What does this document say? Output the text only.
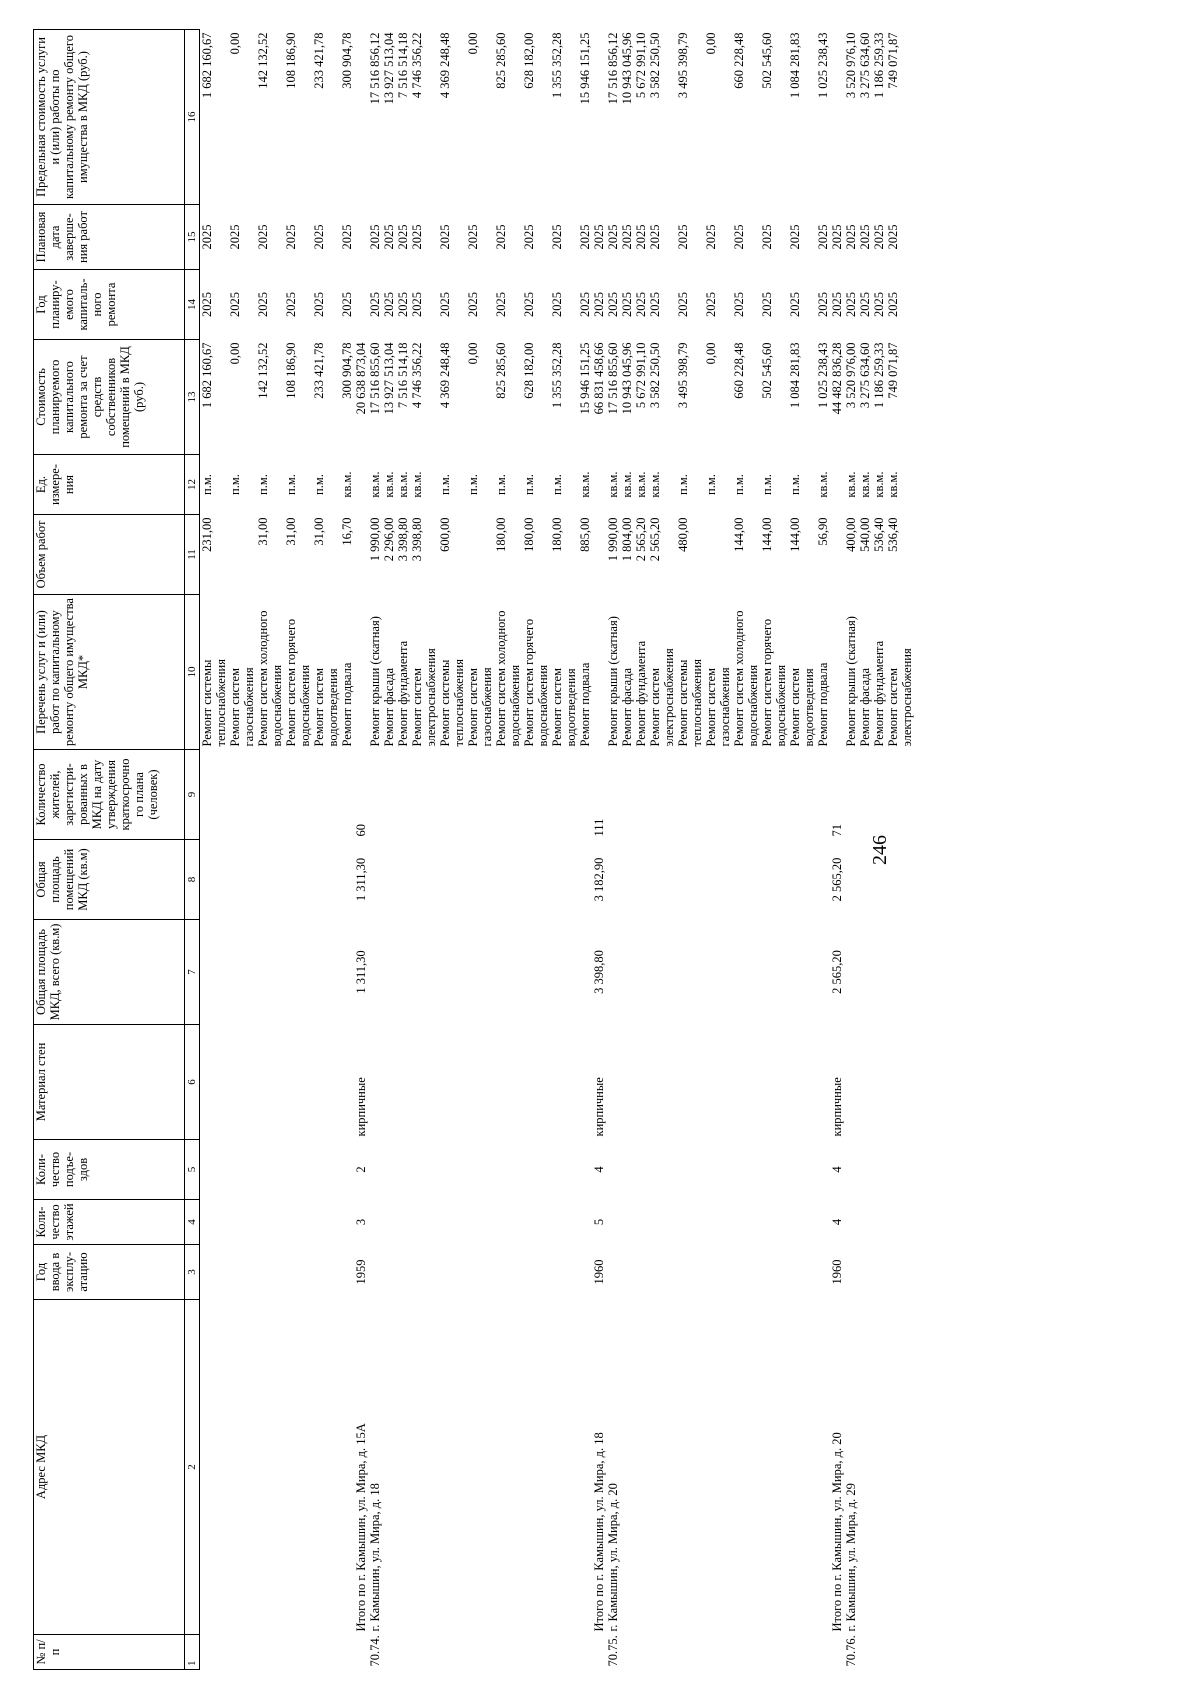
246
№ п/п	Адрес МКД	Год ввода в эксплу-атацию	Коли-чество этажей	Коли-чество подъе-здов	Материал стен	Общая площадь МКД, всего (кв.м)	Общая площадь помещений МКД (кв.м)	Количество жителей, зарегистри-рованных в МКД на дату утверждения краткосрочно го плана (человек)	Перечень услуг и (или) работ по капитальному ремонту общего имущества МКД*	Объем работ	Ед. измере-ния	Стоимость планируемого капитального ремонта за счет средств собственников помещений в МКД (руб.)	Год планиру-емого капиталь-ного ремонта	Плановая дата заверше-ния работ	Предельная стоимость услуги и (или) работы по капитальному ремонту общего имущества в МКД (руб.)
1	2	3	4	5	6	7	8	9	10	11	12	13	14	15	16
									Ремонт системы теплоснабжения	231,00	п.м.	1 682 160,67	2025	2025	1 682 160,67
									Ремонт систем газоснабжения		п.м.	0,00	2025	2025	0,00
									Ремонт систем холодного водоснабжения	31,00	п.м.	142 132,52	2025	2025	142 132,52
									Ремонт систем горячего водоснабжения	31,00	п.м.	108 186,90	2025	2025	108 186,90
									Ремонт систем водоотведения	31,00	п.м.	233 421,78	2025	2025	233 421,78
									Ремонт подвала	16,70	кв.м.	300 904,78	2025	2025	300 904,78
	Итого по г. Камышин, ул. Мира, д. 15А	1959	3	2	кирпичные	1 311,30	1 311,30	60				20 638 873,04			
70.74.	г. Камышин, ул. Мира, д. 18								Ремонт крыши (скатная)	1 990,00	кв.м.	17 516 855,60	2025	2025	17 516 856,12
									Ремонт фасада	2 296,00	кв.м.	13 927 513,04	2025	2025	13 927 513,04
									Ремонт фундамента	3 398,80	кв.м.	7 516 514,18	2025	2025	7 516 514,18
									Ремонт систем электроснабжения	3 398,80	кв.м.	4 746 356,22	2025	2025	4 746 356,22
									Ремонт системы теплоснабжения	600,00	п.м.	4 369 248,48	2025	2025	4 369 248,48
									Ремонт систем газоснабжения		п.м.	0,00	2025	2025	0,00
									Ремонт систем холодного водоснабжения	180,00	п.м.	825 285,60	2025	2025	825 285,60
									Ремонт систем горячего водоснабжения	180,00	п.м.	628 182,00	2025	2025	628 182,00
									Ремонт систем водоотведения	180,00	п.м.	1 355 352,28	2025	2025	1 355 352,28
									Ремонт подвала	885,00	кв.м.	15 946 151,25	2025	2025	15 946 151,25
	Итого по г. Камышин, ул. Мира, д. 18	1960	5	4	кирпичные	3 398,80	3 182,90	111				66 831 458,66	2025	2025	
70.75.	г. Камышин, ул. Мира, д. 20								Ремонт крыши (скатная)	1 990,00	кв.м.	17 516 855,60	2025	2025	17 516 856,12
									Ремонт фасада	1 804,00	кв.м.	10 943 045,96	2025	2025	10 943 045,96
									Ремонт фундамента	2 565,20	кв.м.	5 672 991,10	2025	2025	5 672 991,10
									Ремонт систем электроснабжения	2 565,20	кв.м.	3 582 250,50	2025	2025	3 582 250,50
									Ремонт системы теплоснабжения	480,00	п.м.	3 495 398,79	2025	2025	3 495 398,79
									Ремонт систем газоснабжения		п.м.	0,00	2025	2025	0,00
									Ремонт систем холодного водоснабжения	144,00	п.м.	660 228,48	2025	2025	660 228,48
									Ремонт систем горячего водоснабжения	144,00	п.м.	502 545,60	2025	2025	502 545,60
									Ремонт систем водоотведения	144,00	п.м.	1 084 281,83	2025	2025	1 084 281,83
									Ремонт подвала	56,90	кв.м.	1 025 238,43	2025	2025	1 025 238,43
	Итого по г. Камышин, ул. Мира, д. 20	1960	4	4	кирпичные	2 565,20	2 565,20	71				44 482 836,28	2025	2025	
70.76.	г. Камышин, ул. Мира, д. 29								Ремонт крыши (скатная)	400,00	кв.м.	3 520 976,00	2025	2025	3 520 976,10
									Ремонт фасада	540,00	кв.м.	3 275 634,60	2025	2025	3 275 634,60
									Ремонт фундамента	536,40	кв.м.	1 186 259,33	2025	2025	1 186 259,33
									Ремонт систем электроснабжения	536,40	кв.м.	749 071,87	2025	2025	749 071,87
